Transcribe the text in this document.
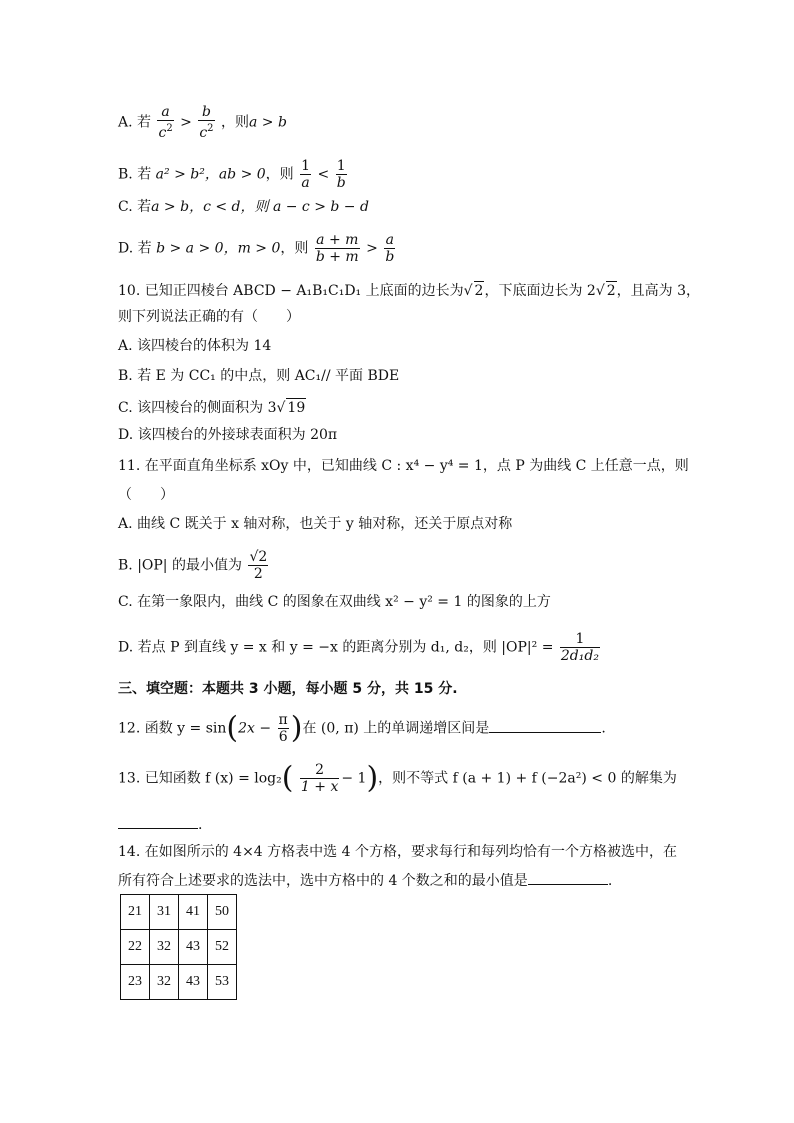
A. 若 $\frac{a}{c^2} > \frac{b}{c^2}$ ，则a > b
B. 若 a² > b²，ab > 0，则 $\frac{1}{a} < \frac{1}{b}$
C. 若a > b，c < d，则 a − c > b − d
D. 若 b > a > 0，m > 0，则 $\frac{a + m}{b + m} > \frac{a}{b}$
10. 已知正四棱台 ABCD − A₁B₁C₁D₁ 上底面的边长为√ 2，下底面边长为 2√ 2，且高为 3，
则下列说法正确的有（　　）
A. 该四棱台的体积为 14
B. 若 E 为 CC₁ 的中点，则 AC₁// 平面 BDE
C. 该四棱台的侧面积为 3√ 19
D. 该四棱台的外接球表面积为 20π
11. 在平面直角坐标系 xOy 中，已知曲线 C : x⁴ − y⁴ = 1，点 P 为曲线 C 上任意一点，则
（　　）
A. 曲线 C 既关于 x 轴对称，也关于 y 轴对称，还关于原点对称
B. |OP| 的最小值为 $\frac{√2}{2}$
C. 在第一象限内，曲线 C 的图象在双曲线 x² − y² = 1 的图象的上方
D. 若点 P 到直线 y = x 和 y = −x 的距离分别为 d₁, d₂，则 $|OP|^2 = \frac{1}{\text{2d₁d₂}}$
三、填空题：本题共 3 小题，每小题 5 分，共 15 分.
12. 函数 $y = \sin(2x - \frac{\pi}{6}$ )在 (0, π) 上的单调递增区间是	.
13. 已知函数 f $(x) = \log_2( \frac{2}{1 + x} - 1)$，则不等式 f (a + 1) + f (−2a²) < 0 的解集为
.
14. 在如图所示的 4×4 方格表中选 4 个方格，要求每行和每列均恰有一个方格被选中，在
所有符合上述要求的选法中，选中方格中的 4 个数之和的最小值是	.
21	31	41	50
22	32	43	52
23	32	43	53
